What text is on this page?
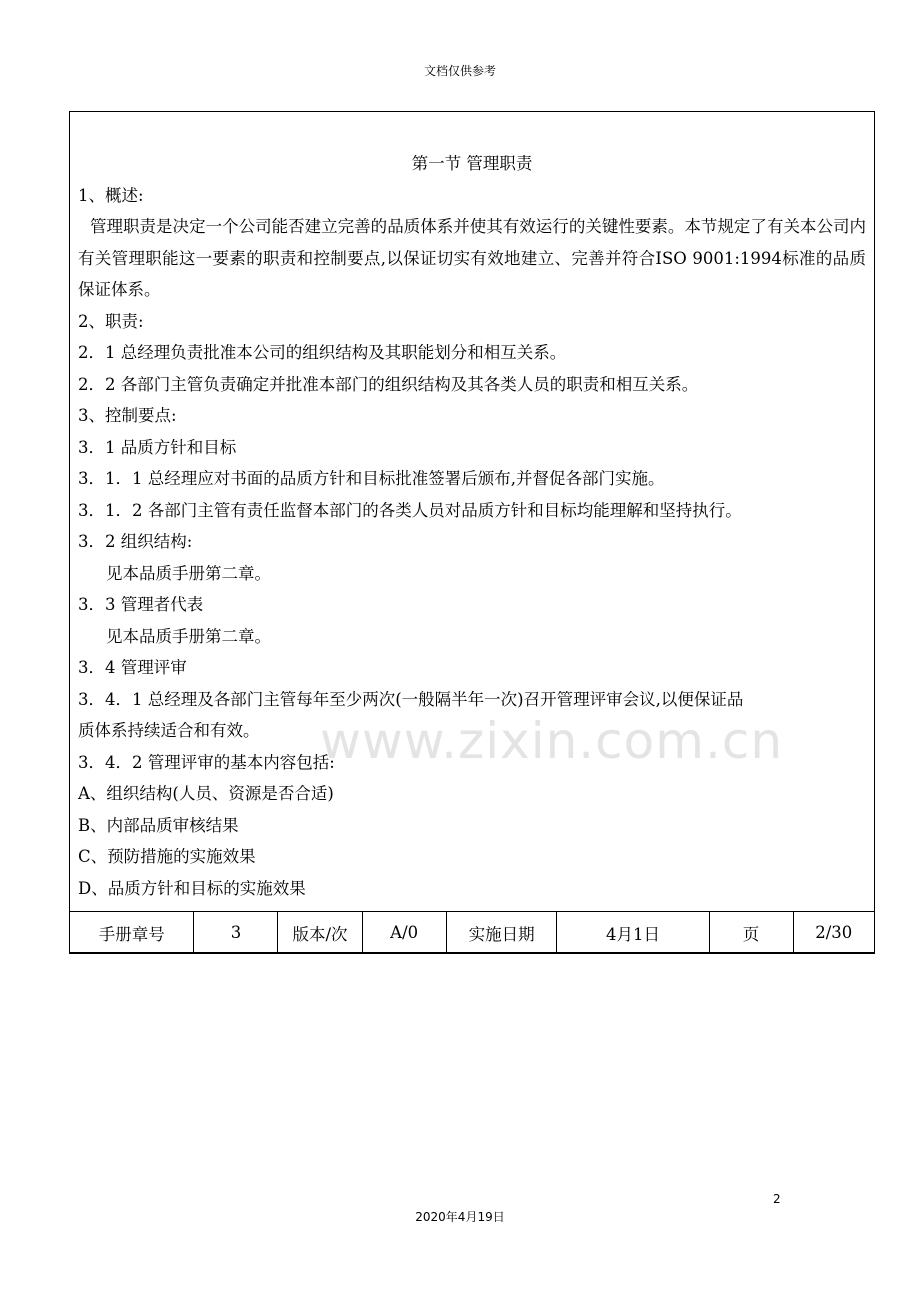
文档仅供参考
www.zixin.com.cn

第一节 管理职责

1、概述:

管理职责是决定一个公司能否建立完善的品质体系并使其有效运行的关键性要素。本节规定了有关本公司内有关管理职能这一要素的职责和控制要点,以保证切实有效地建立、完善并符合ISO 9001:1994标准的品质保证体系。

2、职责:

2．1 总经理负责批准本公司的组织结构及其职能划分和相互关系。

2．2 各部门主管负责确定并批准本部门的组织结构及其各类人员的职责和相互关系。

3、控制要点:

3．1 品质方针和目标

3．1．1 总经理应对书面的品质方针和目标批准签署后颁布,并督促各部门实施。

3．1．2 各部门主管有责任监督本部门的各类人员对品质方针和目标均能理解和坚持执行。

3．2 组织结构:

见本品质手册第二章。

3．3 管理者代表

见本品质手册第二章。

3．4 管理评审

3．4．1 总经理及各部门主管每年至少两次(一般隔半年一次)召开管理评审会议,以便保证品

质体系持续适合和有效。

3．4．2 管理评审的基本内容包括:

A、组织结构(人员、资源是否合适)

B、内部品质审核结果

C、预防措施的实施效果

D、品质方针和目标的实施效果

手册章号	3	版本/次	A/0	实施日期	4月1日	页	2/30
2
2020年4月19日
